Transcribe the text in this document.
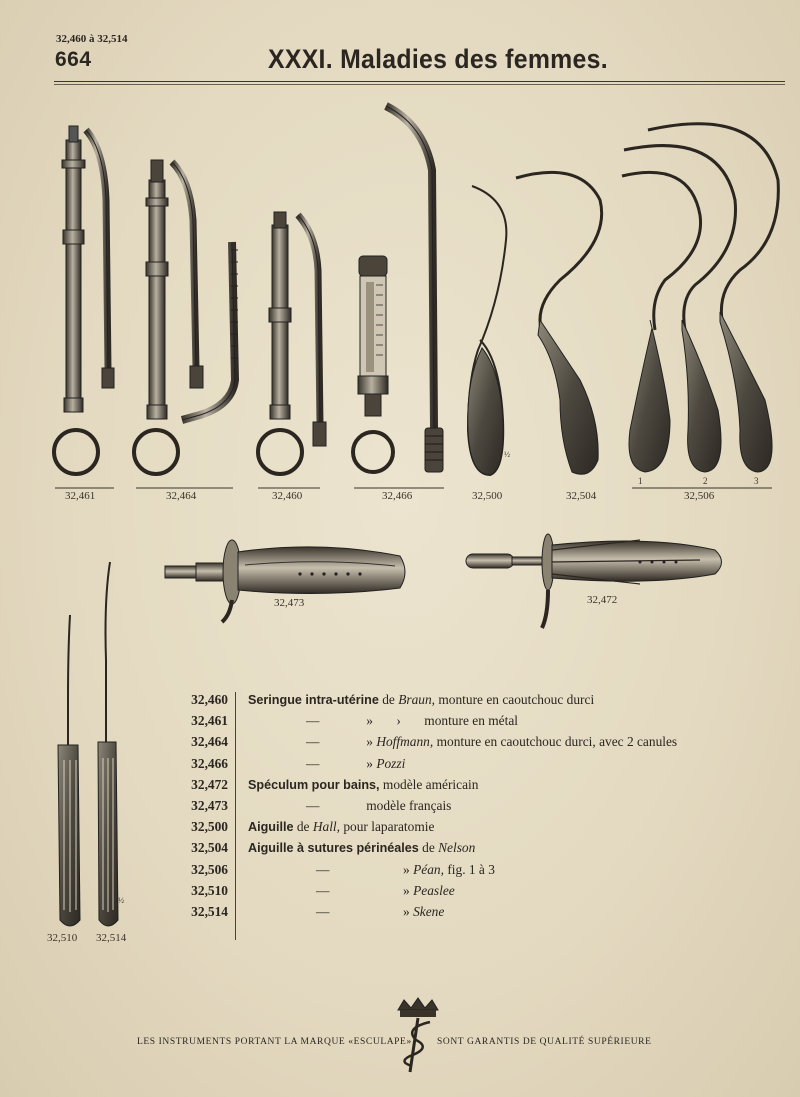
32,460 à 32,514
664	XXXI. Maladies des femmes.
32,461	32,464	32,460	32,466	32,500	32,504	32,506
1	2	3
½
32,473	32,472
32,510 32,514
½
32,460 Seringue intra-utérine de Braun, monture en caoutchouc durci
32,461	—              »       ›       monture en métal
32,464	—              » Hoffmann, monture en caoutchouc durci, avec 2 canules
32,466	—              » Pozzi
32,472 Spéculum pour bains, modèle américain
32,473	—              modèle français
32,500 Aiguille de Hall, pour laparatomie
32,504 Aiguille à sutures périnéales de Nelson
32,506	—                      » Péan, fig. 1 à 3
32,510	—                      » Peaslee
32,514	—                      » Skene
LES INSTRUMENTS PORTANT LA MARQUE «ESCULAPE»	SONT GARANTIS DE QUALITÉ SUPÉRIEURE
